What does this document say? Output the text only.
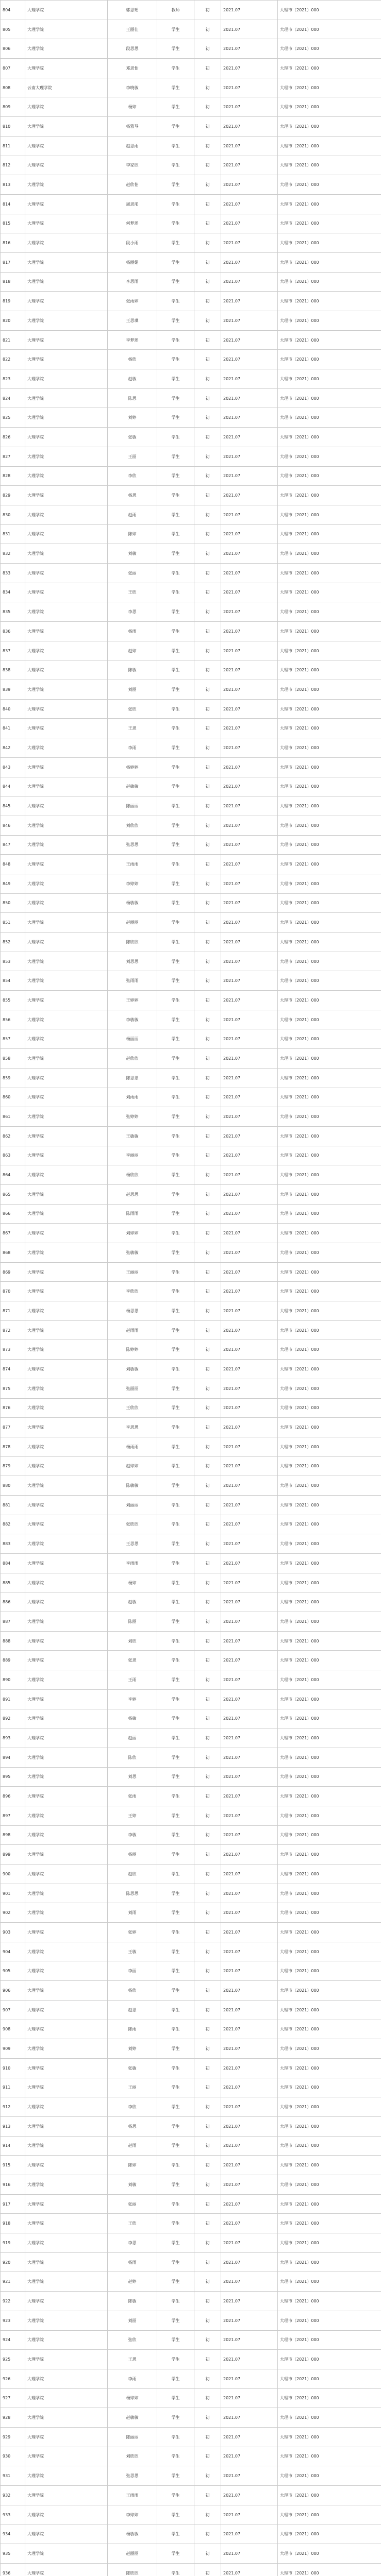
804	大理学院	郭思瑶	教师	初	2021.07	大理市（2021）000
805	大理学院	王丽佳	学生	初	2021.07	大理市（2021）000
806	大理学院	段思思	学生	初	2021.07	大理市（2021）000
807	大理学院	邓思怡	学生	初	2021.07	大理市（2021）000
808	云南大理学院	李晓敏	学生	初	2021.07	大理市（2021）000
809	大理学院	杨婷	学生	初	2021.07	大理市（2021）000
810	大理学院	杨雅琴	学生	初	2021.07	大理市（2021）000
811	大理学院	赵思雨	学生	初	2021.07	大理市（2021）000
812	大理学院	李家欣	学生	初	2021.07	大理市（2021）000
813	大理学院	赵欣怡	学生	初	2021.07	大理市（2021）000
814	大理学院	周思彤	学生	初	2021.07	大理市（2021）000
815	大理学院	何梦瑶	学生	初	2021.07	大理市（2021）000
816	大理学院	段小雨	学生	初	2021.07	大理市（2021）000
817	大理学院	杨丽娟	学生	初	2021.07	大理市（2021）000
818	大理学院	李思雨	学生	初	2021.07	大理市（2021）000
819	大理学院	张雨婷	学生	初	2021.07	大理市（2021）000
820	大理学院	王思琪	学生	初	2021.07	大理市（2021）000
821	大理学院	李梦瑶	学生	初	2021.07	大理市（2021）000
822	大理学院	杨欣	学生	初	2021.07	大理市（2021）000
823	大理学院	赵敏	学生	初	2021.07	大理市（2021）000
824	大理学院	陈思	学生	初	2021.07	大理市（2021）000
825	大理学院	刘婷	学生	初	2021.07	大理市（2021）000
826	大理学院	张敏	学生	初	2021.07	大理市（2021）000
827	大理学院	王丽	学生	初	2021.07	大理市（2021）000
828	大理学院	李欣	学生	初	2021.07	大理市（2021）000
829	大理学院	杨思	学生	初	2021.07	大理市（2021）000
830	大理学院	赵雨	学生	初	2021.07	大理市（2021）000
831	大理学院	陈婷	学生	初	2021.07	大理市（2021）000
832	大理学院	刘敏	学生	初	2021.07	大理市（2021）000
833	大理学院	张丽	学生	初	2021.07	大理市（2021）000
834	大理学院	王欣	学生	初	2021.07	大理市（2021）000
835	大理学院	李思	学生	初	2021.07	大理市（2021）000
836	大理学院	杨雨	学生	初	2021.07	大理市（2021）000
837	大理学院	赵婷	学生	初	2021.07	大理市（2021）000
838	大理学院	陈敏	学生	初	2021.07	大理市（2021）000
839	大理学院	刘丽	学生	初	2021.07	大理市（2021）000
840	大理学院	张欣	学生	初	2021.07	大理市（2021）000
841	大理学院	王思	学生	初	2021.07	大理市（2021）000
842	大理学院	李雨	学生	初	2021.07	大理市（2021）000
843	大理学院	杨婷婷	学生	初	2021.07	大理市（2021）000
844	大理学院	赵敏敏	学生	初	2021.07	大理市（2021）000
845	大理学院	陈丽丽	学生	初	2021.07	大理市（2021）000
846	大理学院	刘欣欣	学生	初	2021.07	大理市（2021）000
847	大理学院	张思思	学生	初	2021.07	大理市（2021）000
848	大理学院	王雨雨	学生	初	2021.07	大理市（2021）000
849	大理学院	李婷婷	学生	初	2021.07	大理市（2021）000
850	大理学院	杨敏敏	学生	初	2021.07	大理市（2021）000
851	大理学院	赵丽丽	学生	初	2021.07	大理市（2021）000
852	大理学院	陈欣欣	学生	初	2021.07	大理市（2021）000
853	大理学院	刘思思	学生	初	2021.07	大理市（2021）000
854	大理学院	张雨雨	学生	初	2021.07	大理市（2021）000
855	大理学院	王婷婷	学生	初	2021.07	大理市（2021）000
856	大理学院	李敏敏	学生	初	2021.07	大理市（2021）000
857	大理学院	杨丽丽	学生	初	2021.07	大理市（2021）000
858	大理学院	赵欣欣	学生	初	2021.07	大理市（2021）000
859	大理学院	陈思思	学生	初	2021.07	大理市（2021）000
860	大理学院	刘雨雨	学生	初	2021.07	大理市（2021）000
861	大理学院	张婷婷	学生	初	2021.07	大理市（2021）000
862	大理学院	王敏敏	学生	初	2021.07	大理市（2021）000
863	大理学院	李丽丽	学生	初	2021.07	大理市（2021）000
864	大理学院	杨欣欣	学生	初	2021.07	大理市（2021）000
865	大理学院	赵思思	学生	初	2021.07	大理市（2021）000
866	大理学院	陈雨雨	学生	初	2021.07	大理市（2021）000
867	大理学院	刘婷婷	学生	初	2021.07	大理市（2021）000
868	大理学院	张敏敏	学生	初	2021.07	大理市（2021）000
869	大理学院	王丽丽	学生	初	2021.07	大理市（2021）000
870	大理学院	李欣欣	学生	初	2021.07	大理市（2021）000
871	大理学院	杨思思	学生	初	2021.07	大理市（2021）000
872	大理学院	赵雨雨	学生	初	2021.07	大理市（2021）000
873	大理学院	陈婷婷	学生	初	2021.07	大理市（2021）000
874	大理学院	刘敏敏	学生	初	2021.07	大理市（2021）000
875	大理学院	张丽丽	学生	初	2021.07	大理市（2021）000
876	大理学院	王欣欣	学生	初	2021.07	大理市（2021）000
877	大理学院	李思思	学生	初	2021.07	大理市（2021）000
878	大理学院	杨雨雨	学生	初	2021.07	大理市（2021）000
879	大理学院	赵婷婷	学生	初	2021.07	大理市（2021）000
880	大理学院	陈敏敏	学生	初	2021.07	大理市（2021）000
881	大理学院	刘丽丽	学生	初	2021.07	大理市（2021）000
882	大理学院	张欣欣	学生	初	2021.07	大理市（2021）000
883	大理学院	王思思	学生	初	2021.07	大理市（2021）000
884	大理学院	李雨雨	学生	初	2021.07	大理市（2021）000
885	大理学院	杨婷	学生	初	2021.07	大理市（2021）000
886	大理学院	赵敏	学生	初	2021.07	大理市（2021）000
887	大理学院	陈丽	学生	初	2021.07	大理市（2021）000
888	大理学院	刘欣	学生	初	2021.07	大理市（2021）000
889	大理学院	张思	学生	初	2021.07	大理市（2021）000
890	大理学院	王雨	学生	初	2021.07	大理市（2021）000
891	大理学院	李婷	学生	初	2021.07	大理市（2021）000
892	大理学院	杨敏	学生	初	2021.07	大理市（2021）000
893	大理学院	赵丽	学生	初	2021.07	大理市（2021）000
894	大理学院	陈欣	学生	初	2021.07	大理市（2021）000
895	大理学院	刘思	学生	初	2021.07	大理市（2021）000
896	大理学院	张雨	学生	初	2021.07	大理市（2021）000
897	大理学院	王婷	学生	初	2021.07	大理市（2021）000
898	大理学院	李敏	学生	初	2021.07	大理市（2021）000
899	大理学院	杨丽	学生	初	2021.07	大理市（2021）000
900	大理学院	赵欣	学生	初	2021.07	大理市（2021）000
901	大理学院	陈思思	学生	初	2021.07	大理市（2021）000
902	大理学院	刘雨	学生	初	2021.07	大理市（2021）000
903	大理学院	张婷	学生	初	2021.07	大理市（2021）000
904	大理学院	王敏	学生	初	2021.07	大理市（2021）000
905	大理学院	李丽	学生	初	2021.07	大理市（2021）000
906	大理学院	杨欣	学生	初	2021.07	大理市（2021）000
907	大理学院	赵思	学生	初	2021.07	大理市（2021）000
908	大理学院	陈雨	学生	初	2021.07	大理市（2021）000
909	大理学院	刘婷	学生	初	2021.07	大理市（2021）000
910	大理学院	张敏	学生	初	2021.07	大理市（2021）000
911	大理学院	王丽	学生	初	2021.07	大理市（2021）000
912	大理学院	李欣	学生	初	2021.07	大理市（2021）000
913	大理学院	杨思	学生	初	2021.07	大理市（2021）000
914	大理学院	赵雨	学生	初	2021.07	大理市（2021）000
915	大理学院	陈婷	学生	初	2021.07	大理市（2021）000
916	大理学院	刘敏	学生	初	2021.07	大理市（2021）000
917	大理学院	张丽	学生	初	2021.07	大理市（2021）000
918	大理学院	王欣	学生	初	2021.07	大理市（2021）000
919	大理学院	李思	学生	初	2021.07	大理市（2021）000
920	大理学院	杨雨	学生	初	2021.07	大理市（2021）000
921	大理学院	赵婷	学生	初	2021.07	大理市（2021）000
922	大理学院	陈敏	学生	初	2021.07	大理市（2021）000
923	大理学院	刘丽	学生	初	2021.07	大理市（2021）000
924	大理学院	张欣	学生	初	2021.07	大理市（2021）000
925	大理学院	王思	学生	初	2021.07	大理市（2021）000
926	大理学院	李雨	学生	初	2021.07	大理市（2021）000
927	大理学院	杨婷婷	学生	初	2021.07	大理市（2021）000
928	大理学院	赵敏敏	学生	初	2021.07	大理市（2021）000
929	大理学院	陈丽丽	学生	初	2021.07	大理市（2021）000
930	大理学院	刘欣欣	学生	初	2021.07	大理市（2021）000
931	大理学院	张思思	学生	初	2021.07	大理市（2021）000
932	大理学院	王雨雨	学生	初	2021.07	大理市（2021）000
933	大理学院	李婷婷	学生	初	2021.07	大理市（2021）000
934	大理学院	杨敏敏	学生	初	2021.07	大理市（2021）000
935	大理学院	赵丽丽	学生	初	2021.07	大理市（2021）000
936	大理学院	陈欣欣	学生	初	2021.07	大理市（2021）000
